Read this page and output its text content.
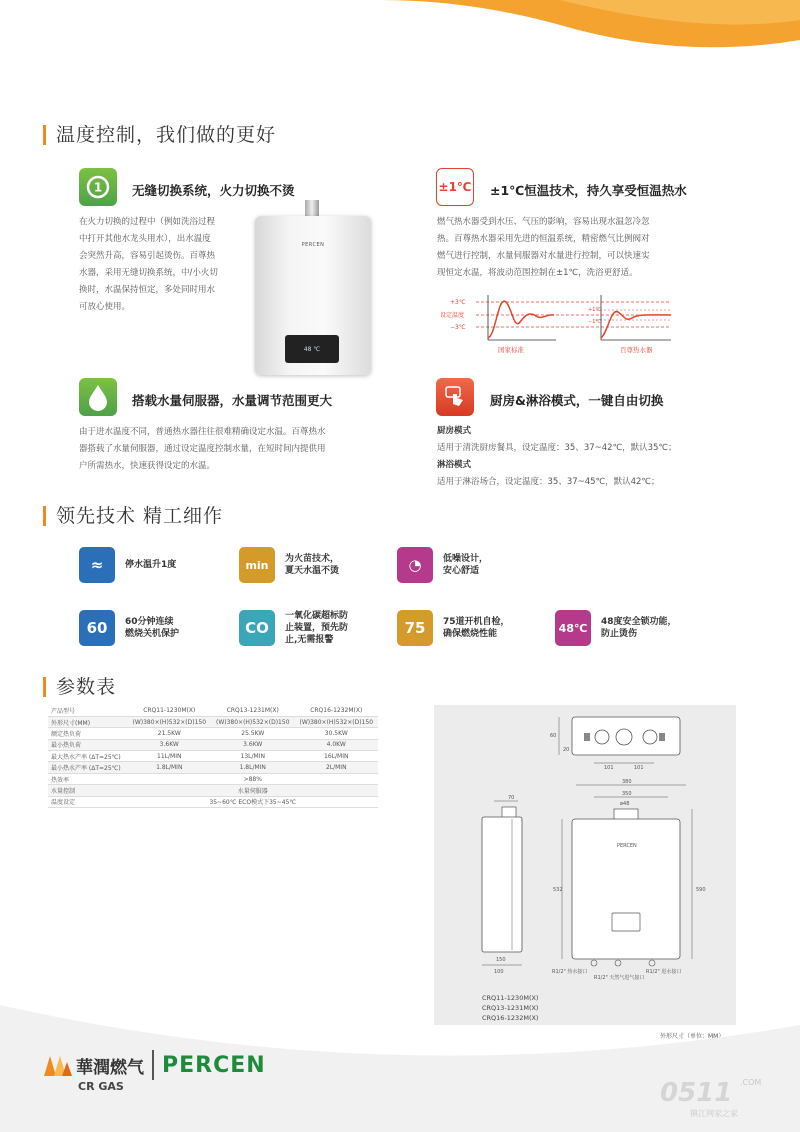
温度控制，我们做的更好
1 无缝切换系统，火力切换不烫
在火力切换的过程中（例如洗浴过程
中打开其他水龙头用水），出水温度
会突然升高，容易引起烫伤。百尊热
水器，采用无缝切换系统，中/小火切
换时，水温保持恒定，多处同时用水
可放心使用。
PERCEN
48 ℃
±1℃ ±1℃恒温技术，持久享受恒温热水
燃气热水器受到水压、气压的影响，容易出现水温忽冷忽
热。百尊热水器采用先进的恒温系统，精密燃气比例阀对
燃气进行控制，水量伺服器对水量进行控制，可以快速实
现恒定水温，将波动范围控制在±1℃，洗浴更舒适。
+3℃
设定温度
−3℃
+1℃
−1℃
国家标准	百尊热水器
搭载水量伺服器，水量调节范围更大
由于进水温度不同，普通热水器往往很难精确设定水温。百尊热水
器搭载了水量伺服器，通过设定温度控制水量，在短时间内提供用
户所需热水，快速获得设定的水温。
厨房&淋浴模式，一键自由切换
厨房模式
适用于清洗厨房餐具，设定温度：35、37~42℃，默认35℃；
淋浴模式
适用于淋浴场合，设定温度：35、37~45℃，默认42℃；
领先技术 精工细作
≈	停水温升1度	min	为火苗技术，
夏天水温不烫	◔	低噪设计，
安心舒适
60	60分钟连续
燃烧关机保护	CO
一氧化碳超标防
止装置，预先防
止,无需报警
75	75道开机自检，
确保燃烧性能	48℃	48度安全锁功能，
防止烫伤
参数表
产品型号	CRQ11-1230M(X)	CRQ13-1231M(X)	CRQ16-1232M(X)
外形尺寸(MM)	(W)380×(H)532×(D)150	(W)380×(H)532×(D)150	(W)380×(H)532×(D)150
额定热负荷	21.5KW	25.5KW	30.5KW
最小热负荷	3.6KW	3.6KW	4.0KW
最大热水产率 (ΔT=25℃)	11L/MIN	13L/MIN	16L/MIN
最小热水产率 (ΔT=25℃)	1.8L/MIN	1.8L/MIN	2L/MIN
热效率	>88%		
水量控制	水量伺服器		
温度设定	35~60℃ ECO模式下35~45℃		
60
20
101	101
70
100
150
380
350
ø48
PERCEN
532	590
R1/2" 热水接口
R1/2" 天然气进气接口
R1/2" 进水接口
CRQ11-1230M(X)
CRQ13-1231M(X)
CRQ16-1232M(X)
外形尺寸（单位：MM）
華潤燃气 PERCEN
CR GAS	0511 .COM
镇江网家之家
